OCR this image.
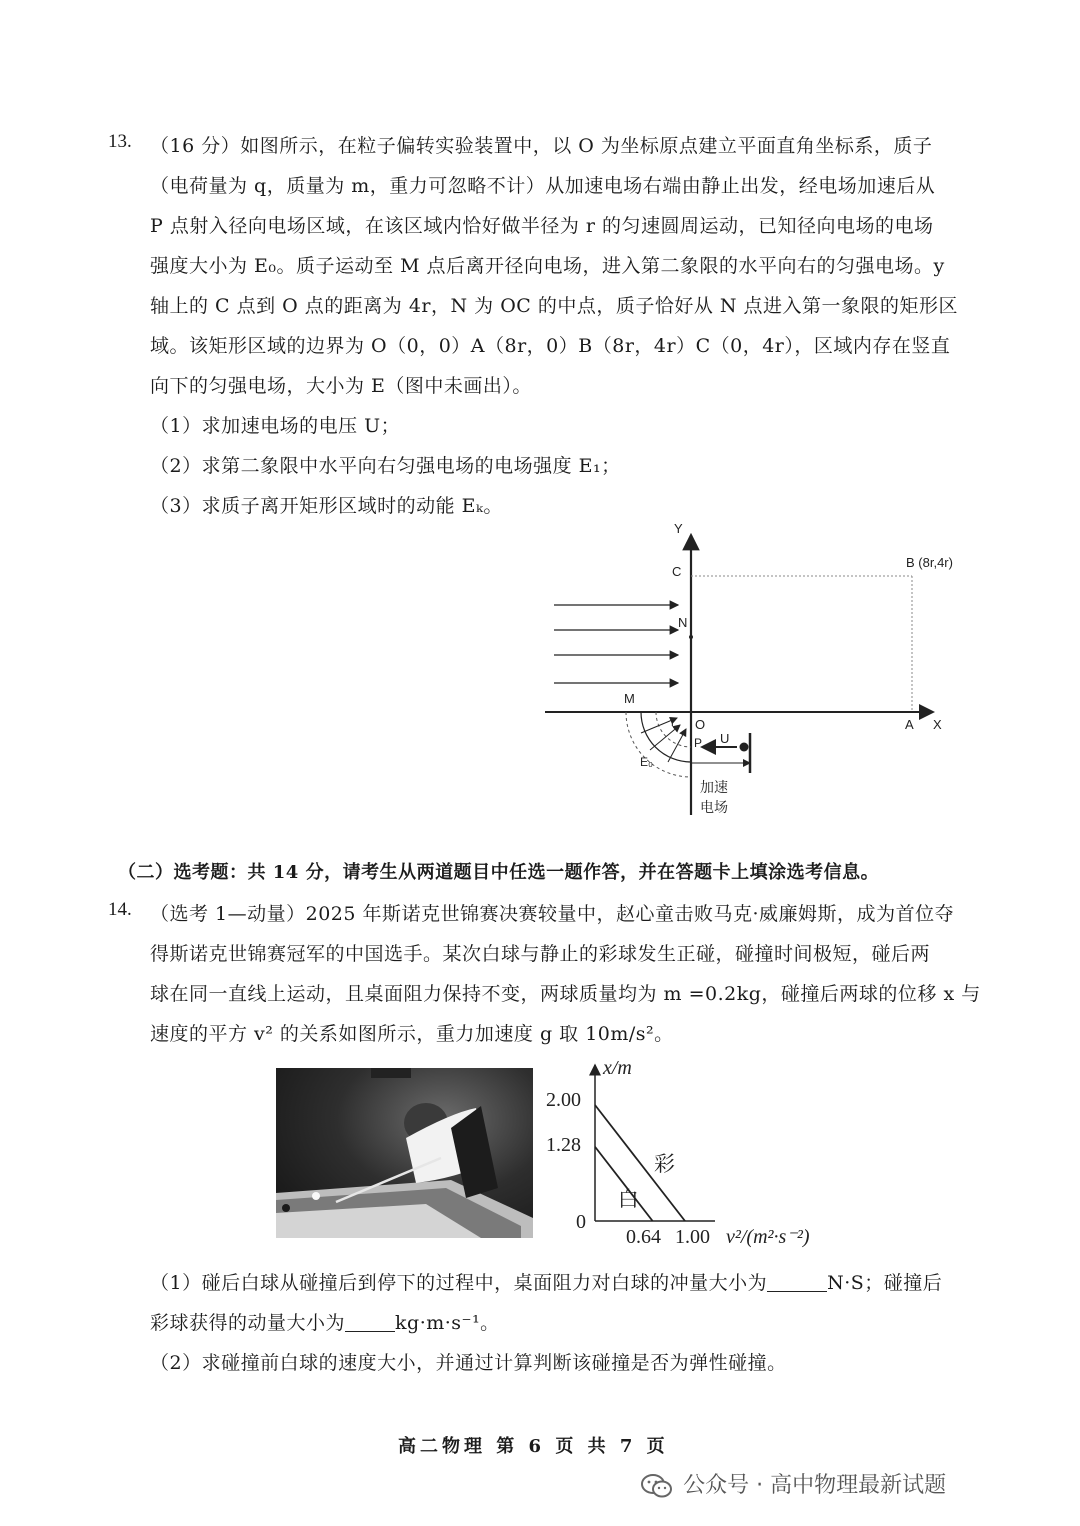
13. （16 分）如图所示，在粒子偏转实验装置中，以 O 为坐标原点建立平面直角坐标系，质子
（电荷量为 q，质量为 m，重力可忽略不计）从加速电场右端由静止出发，经电场加速后从
P 点射入径向电场区域，在该区域内恰好做半径为 r 的匀速圆周运动，已知径向电场的电场
强度大小为 E₀。质子运动至 M 点后离开径向电场，进入第二象限的水平向右的匀强电场。y
轴上的 C 点到 O 点的距离为 4r，N 为 OC 的中点，质子恰好从 N 点进入第一象限的矩形区
域。该矩形区域的边界为 O（0，0）A（8r，0）B（8r，4r）C（0，4r），区域内存在竖直
向下的匀强电场，大小为 E（图中未画出）。
（1）求加速电场的电压 U；
（2）求第二象限中水平向右匀强电场的电场强度 E₁；
（3）求质子离开矩形区域时的动能 Eₖ。
Y
X
O
C
B (8r,4r)
A
N
M
r
E₀
P U
加速
电场
（二）选考题：共 14 分，请考生从两道题目中任选一题作答，并在答题卡上填涂选考信息。
14. （选考 1—动量）2025 年斯诺克世锦赛决赛较量中，赵心童击败马克·威廉姆斯，成为首位夺
得斯诺克世锦赛冠军的中国选手。某次白球与静止的彩球发生正碰，碰撞时间极短，碰后两
球在同一直线上运动，且桌面阻力保持不变，两球质量均为 m =0.2kg，碰撞后两球的位移 x 与
速度的平方 v² 的关系如图所示，重力加速度 g 取 10m/s²。
x/m
2.00
1.28
0
0.64 1.00 v²/(m²·s⁻²)
彩
白
（1）碰后白球从碰撞后到停下的过程中，桌面阻力对白球的冲量大小为	N·S；碰撞后
彩球获得的动量大小为	kg·m·s⁻¹。
（2）求碰撞前白球的速度大小，并通过计算判断该碰撞是否为弹性碰撞。
高二物理 第 6 页 共 7 页
公众号 · 高中物理最新试题
